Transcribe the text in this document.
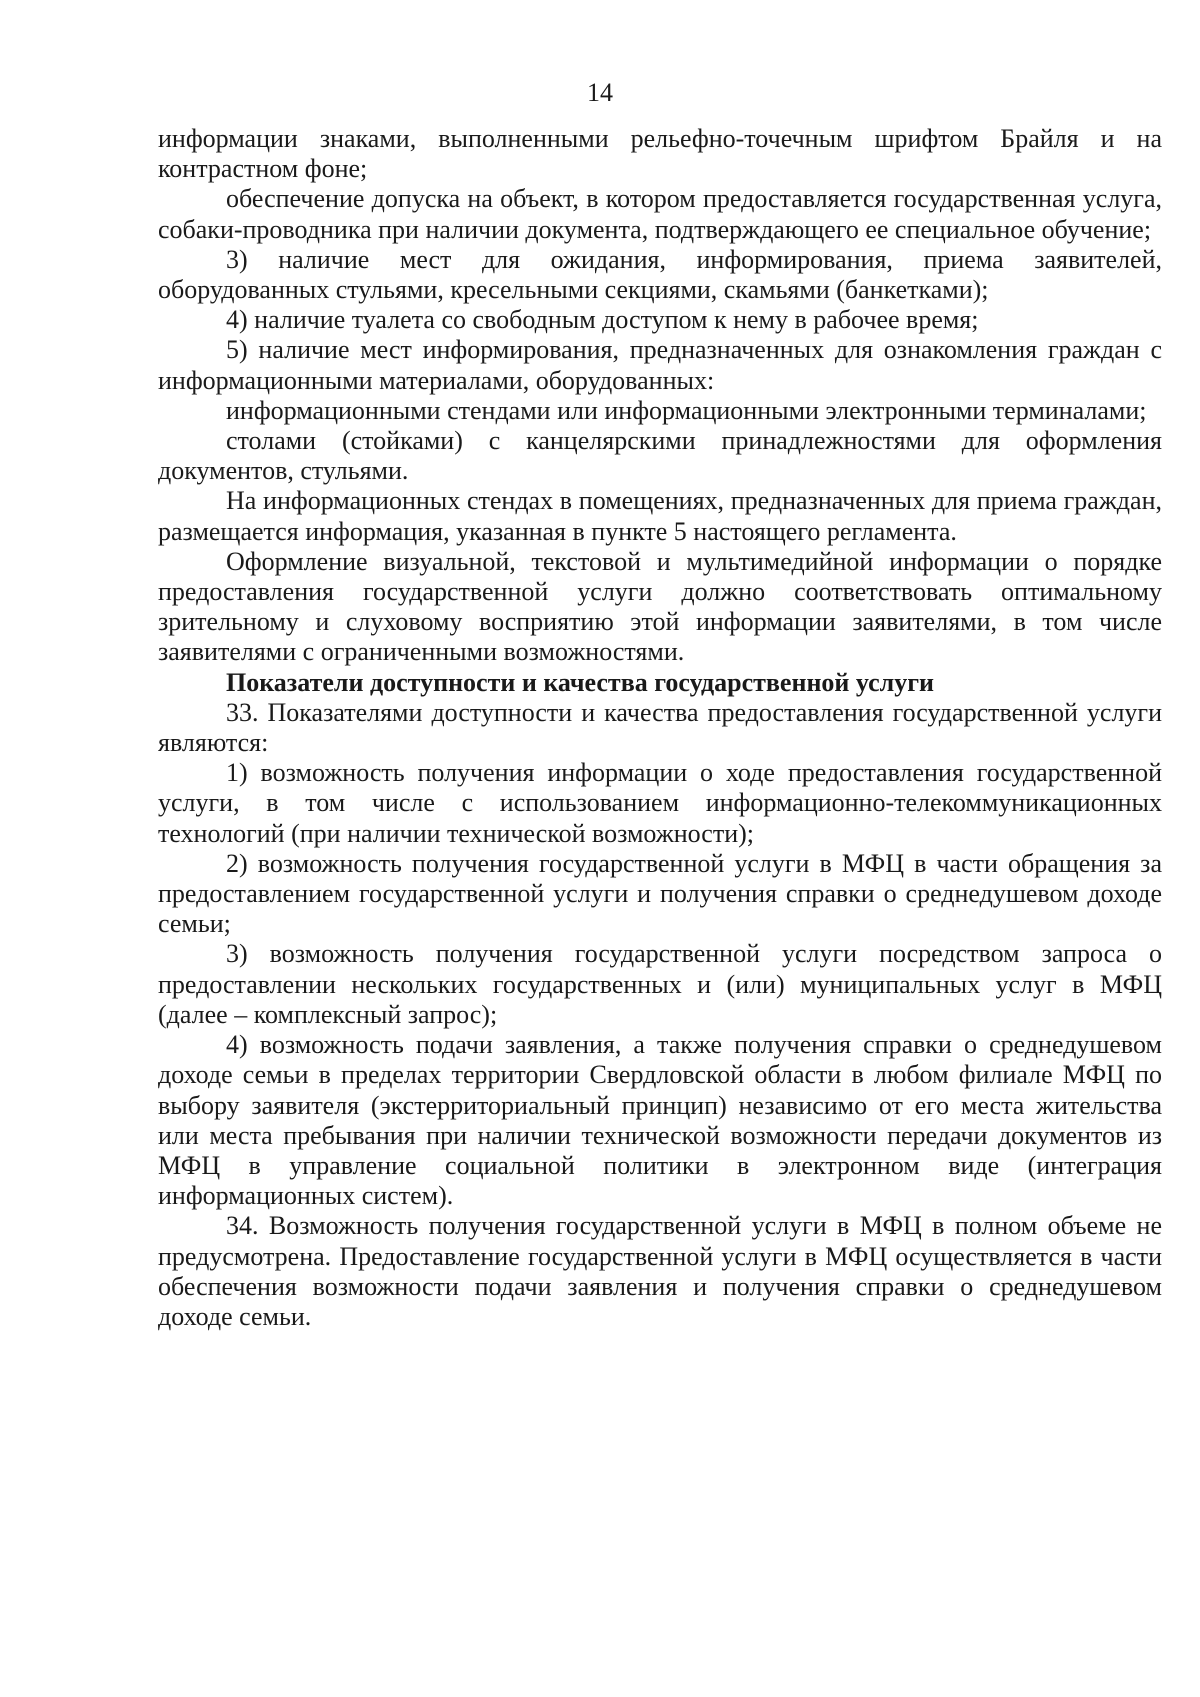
14

информации знаками, выполненными рельефно-точечным шрифтом Брайля и на контрастном фоне;

обеспечение допуска на объект, в котором предоставляется государственная услуга, собаки-проводника при наличии документа, подтверждающего ее специальное обучение;

3) наличие мест для ожидания, информирования, приема заявителей, оборудованных стульями, кресельными секциями, скамьями (банкетками);

4) наличие туалета со свободным доступом к нему в рабочее время;

5) наличие мест информирования, предназначенных для ознакомления граждан с информационными материалами, оборудованных:

информационными стендами или информационными электронными терминалами;

столами (стойками) с канцелярскими принадлежностями для оформления документов, стульями.

На информационных стендах в помещениях, предназначенных для приема граждан, размещается информация, указанная в пункте 5 настоящего регламента.

Оформление визуальной, текстовой и мультимедийной информации о порядке предоставления государственной услуги должно соответствовать оптимальному зрительному и слуховому восприятию этой информации заявителями, в том числе заявителями с ограниченными возможностями.

Показатели доступности и качества государственной услуги

33. Показателями доступности и качества предоставления государственной услуги являются:

1) возможность получения информации о ходе предоставления государственной услуги, в том числе с использованием информационно-телекоммуникационных технологий (при наличии технической возможности);

2) возможность получения государственной услуги в МФЦ в части обращения за предоставлением государственной услуги и получения справки о среднедушевом доходе семьи;

3) возможность получения государственной услуги посредством запроса о предоставлении нескольких государственных и (или) муниципальных услуг в МФЦ (далее – комплексный запрос);

4) возможность подачи заявления, а также получения справки о среднедушевом доходе семьи в пределах территории Свердловской области в любом филиале МФЦ по выбору заявителя (экстерриториальный принцип) независимо от его места жительства или места пребывания при наличии технической возможности передачи документов из МФЦ в управление социальной политики в электронном виде (интеграция информационных систем).

34. Возможность получения государственной услуги в МФЦ в полном объеме не предусмотрена. Предоставление государственной услуги в МФЦ осуществляется в части обеспечения возможности подачи заявления и получения справки о среднедушевом доходе семьи.
